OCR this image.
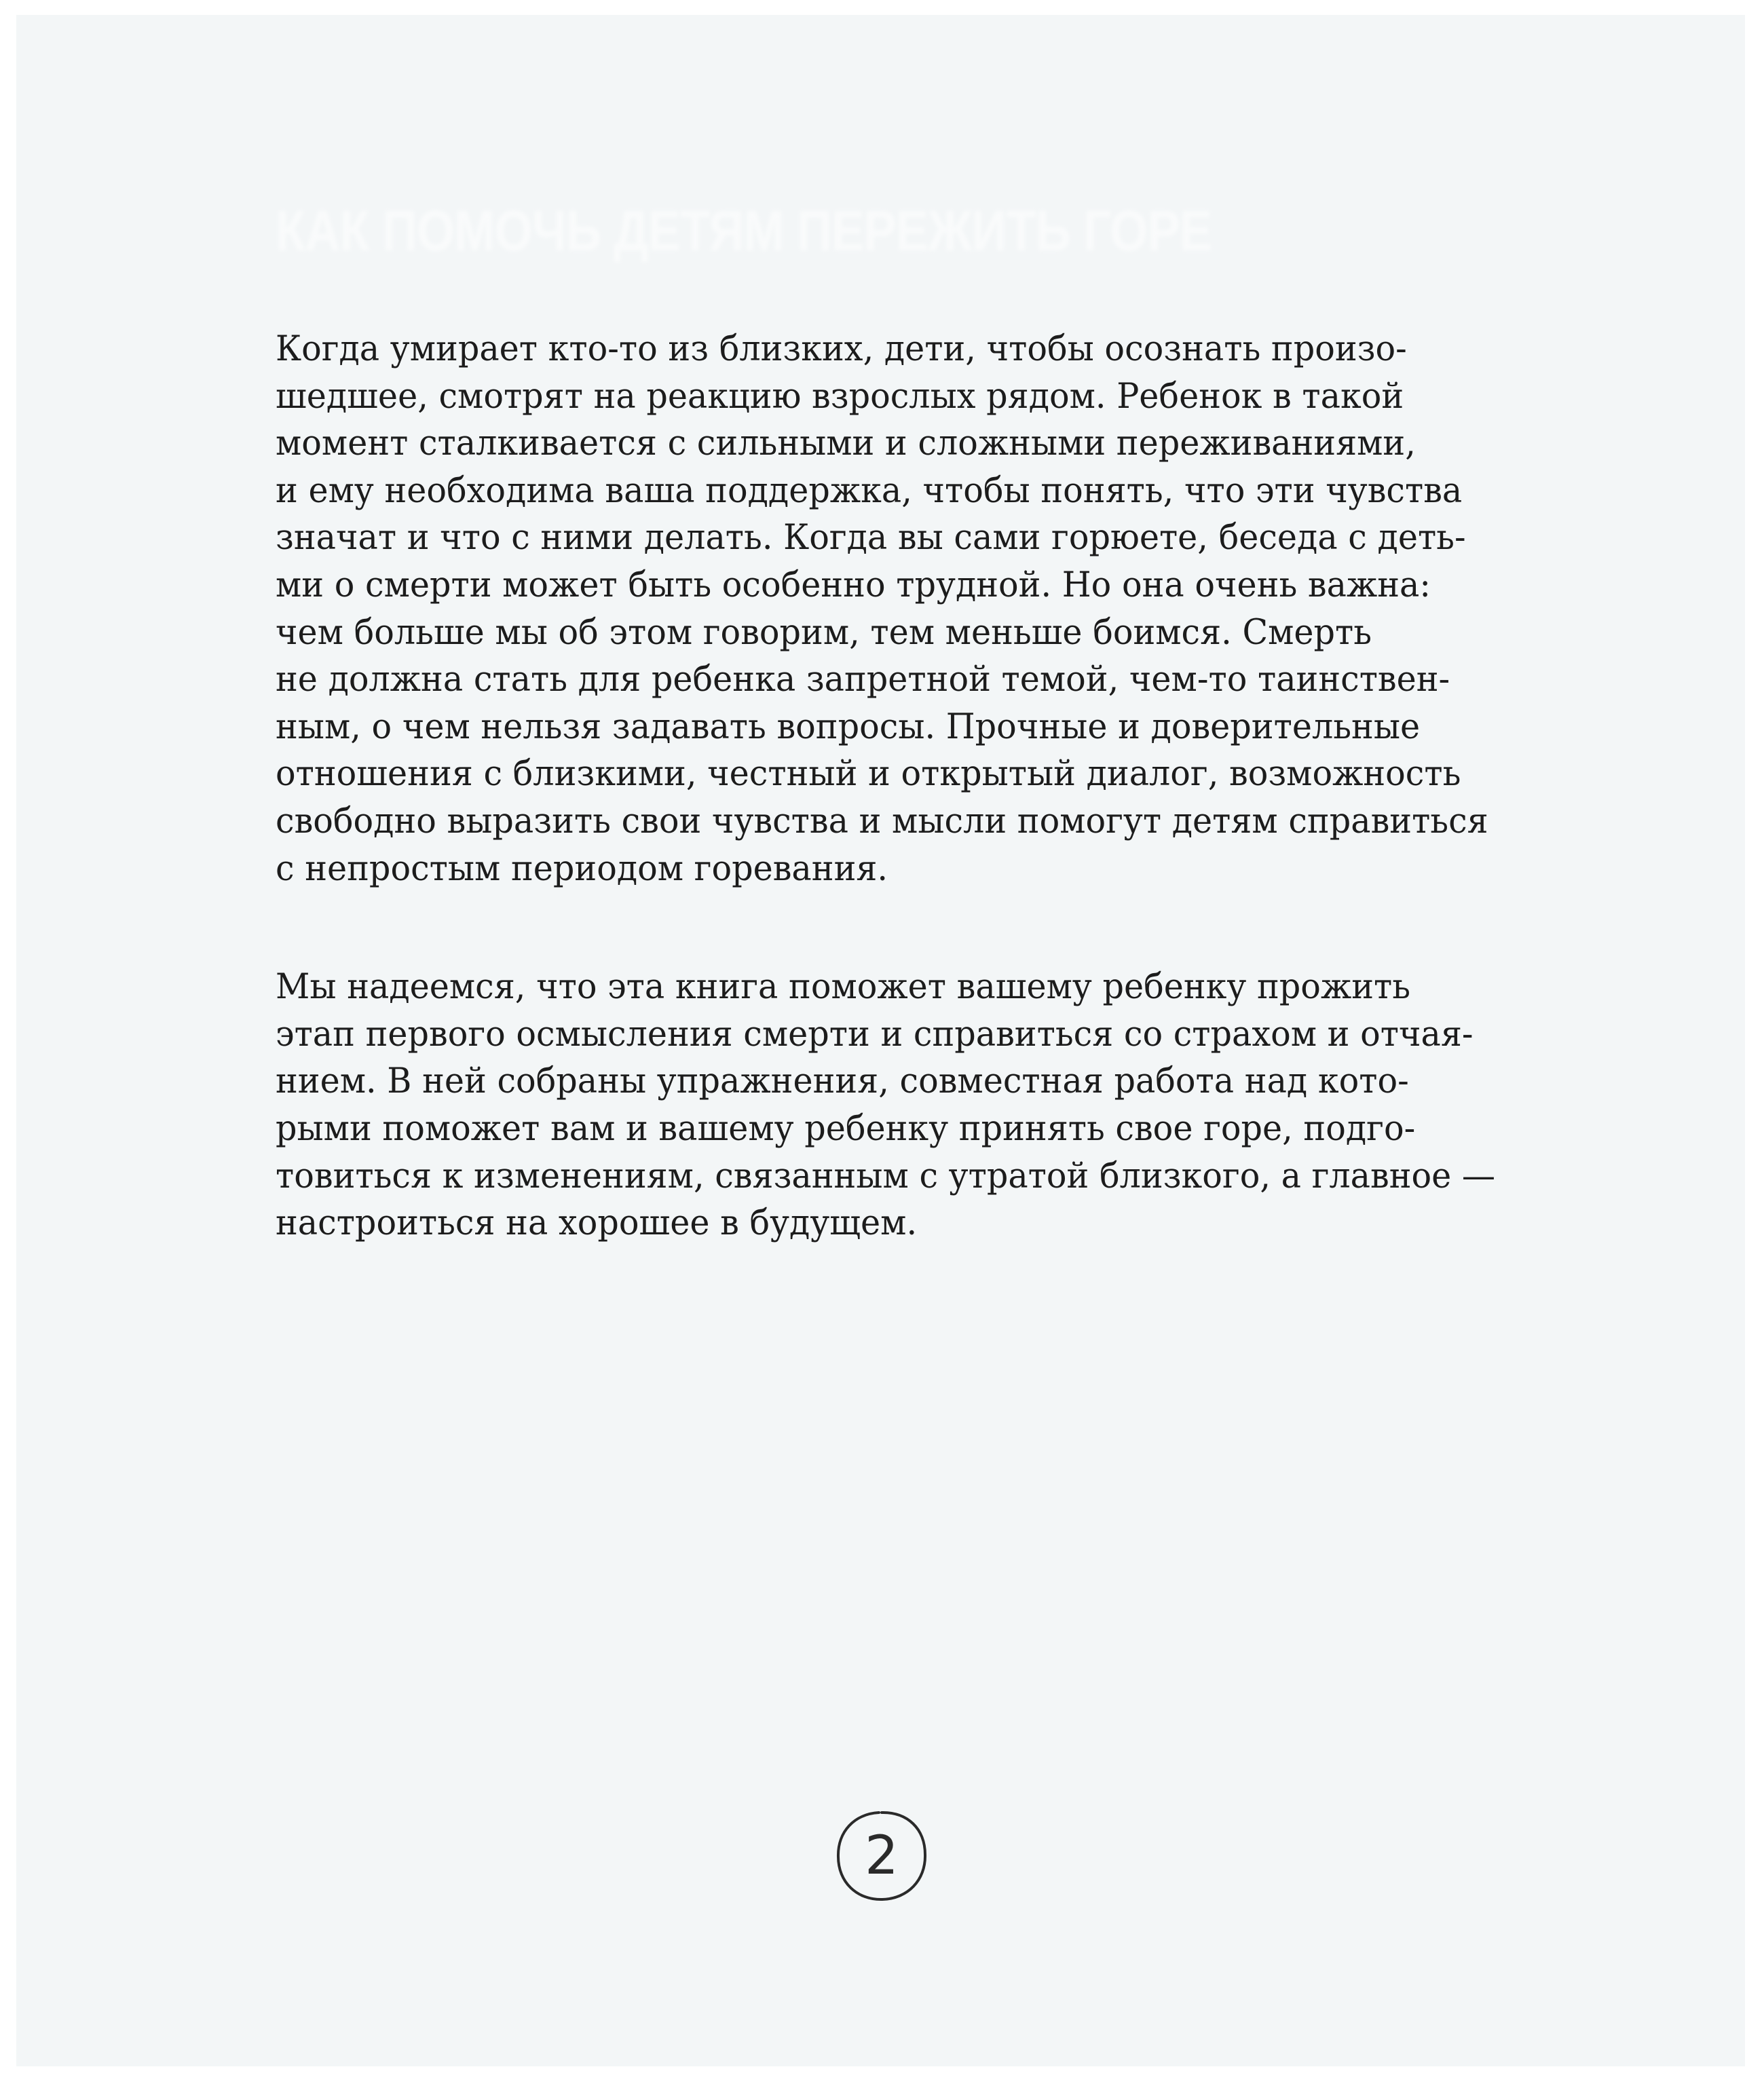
КАК ПОМОЧЬ ДЕТЯМ ПЕРЕЖИТЬ ГОРЕ

Когда умирает кто-то из близких, дети, чтобы осознать произо-
шедшее, смотрят на реакцию взрослых рядом. Ребенок в такой
момент сталкивается с сильными и сложными переживаниями,
и ему необходима ваша поддержка, чтобы понять, что эти чувства
значат и что с ними делать. Когда вы сами горюете, беседа с деть-
ми о смерти может быть особенно трудной. Но она очень важна:
чем больше мы об этом говорим, тем меньше боимся. Смерть
не должна стать для ребенка запретной темой, чем-то таинствен-
ным, о чем нельзя задавать вопросы. Прочные и доверительные
отношения с близкими, честный и открытый диалог, возможность
свободно выразить свои чувства и мысли помогут детям справиться
с непростым периодом горевания.

Мы надеемся, что эта книга поможет вашему ребенку прожить
этап первого осмысления смерти и справиться со страхом и отчая-
нием. В ней собраны упражнения, совместная работа над кото-
рыми поможет вам и вашему ребенку принять свое горе, подго-
товиться к изменениям, связанным с утратой близкого, а главное —
настроиться на хорошее в будущем.

2
